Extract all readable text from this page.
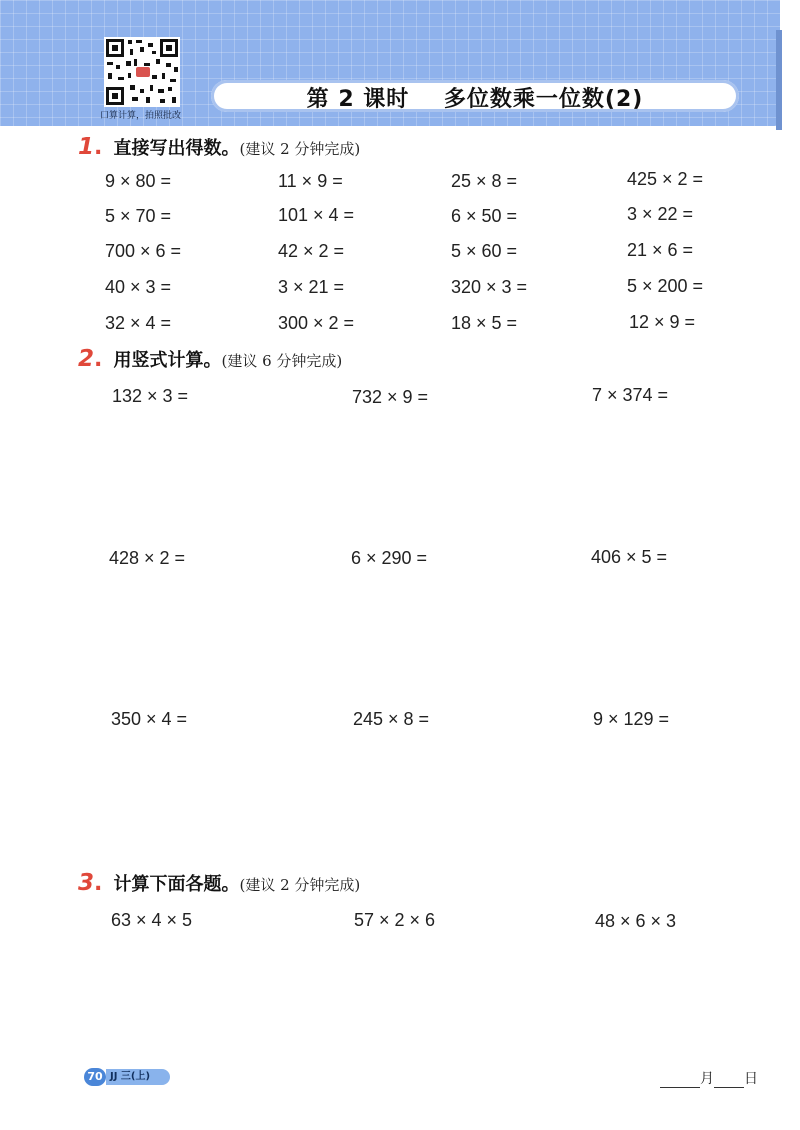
口算计算，拍照批改
第 2 课时    多位数乘一位数(2)
1. 直接写出得数。(建议 2 分钟完成)
9 × 80 =	11 × 9 =	25 × 8 =	425 × 2 =
5 × 70 =	101 × 4 =	6 × 50 =	3 × 22 =
700 × 6 =	42 × 2 =	5 × 60 =	21 × 6 =
40 × 3 =	3 × 21 =	320 × 3 =	5 × 200 =
32 × 4 =	300 × 2 =	18 × 5 =	12 × 9 =
2. 用竖式计算。(建议 6 分钟完成)
132 × 3 =	732 × 9 =	7 × 374 =
428 × 2 =	6 × 290 =	406 × 5 =
350 × 4 =	245 × 8 =	9 × 129 =
3. 计算下面各题。(建议 2 分钟完成)
63 × 4 × 5	57 × 2 × 6	48 × 6 × 3
70 JJ 三(上)	月 日
